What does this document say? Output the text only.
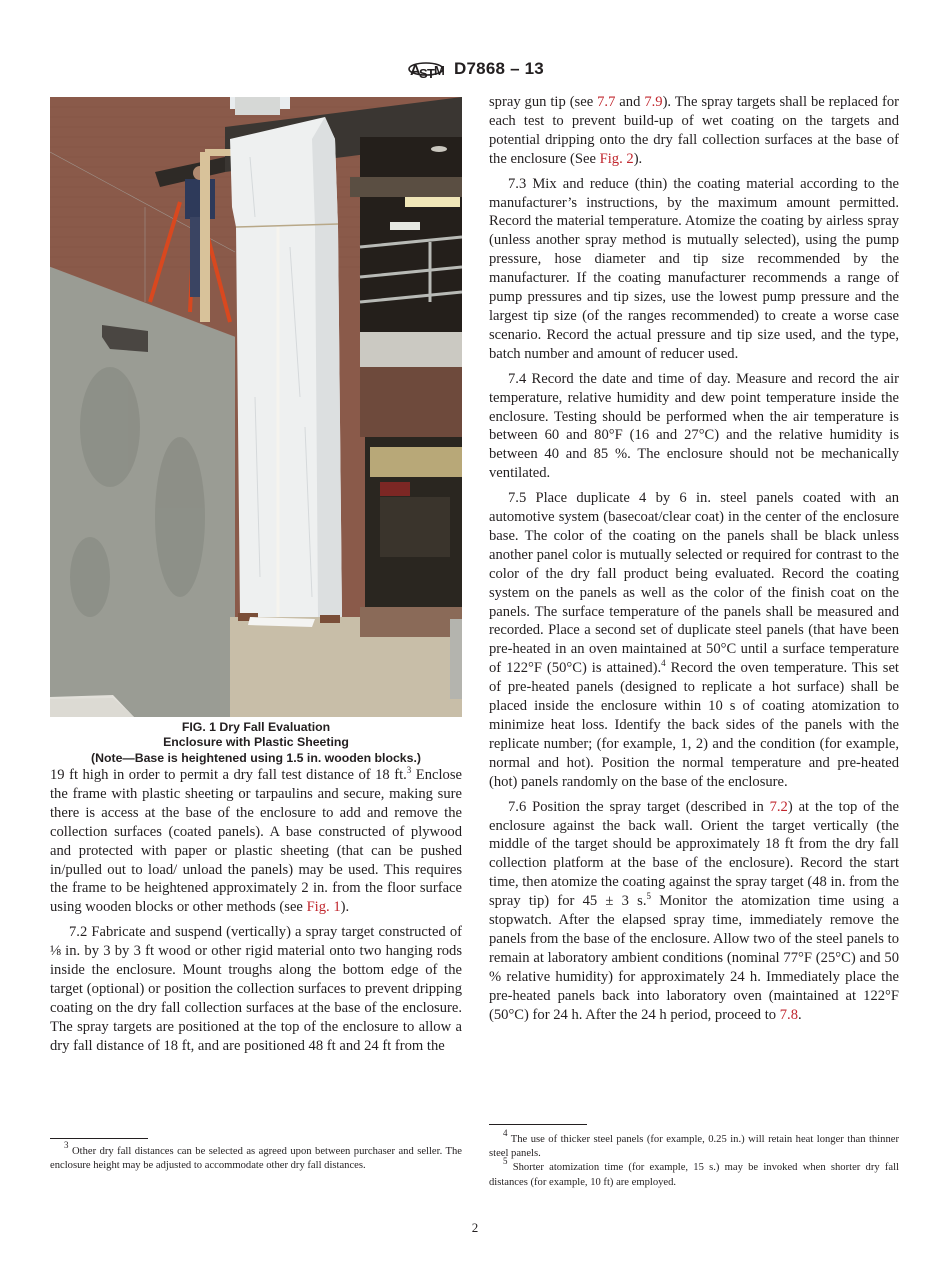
A
S T M D7868 – 13
FIG. 1 Dry Fall Evaluation
Enclosure with Plastic Sheeting
(Note—Base is heightened using 1.5 in. wooden blocks.)

19 ft high in order to permit a dry fall test distance of 18 ft.$^3$ Enclose the frame with plastic sheeting or tarpaulins and secure, making sure there is access at the base of the enclosure to add and remove the collection surfaces (coated panels). A base constructed of plywood and protected with paper or plastic sheeting (that can be pushed in/pulled out to load/ unload the panels) may be used. This requires the frame to be heightened approximately 2 in. from the floor surface using wooden blocks or other methods (see Fig. 1).

7.2 Fabricate and suspend (vertically) a spray target constructed of ⅛ in. by 3 by 3 ft wood or other rigid material onto two hanging rods inside the enclosure. Mount troughs along the bottom edge of the target (optional) or position the collection surfaces to prevent dripping coating on the dry fall collection surfaces at the base of the enclosure. The spray targets are positioned at the top of the enclosure to allow a dry fall distance of 18 ft, and are positioned 48 ft and 24 ft from the

$^3$ Other dry fall distances can be selected as agreed upon between purchaser and seller. The enclosure height may be adjusted to accommodate other dry fall distances.

spray gun tip (see 7.7 and 7.9). The spray targets shall be replaced for each test to prevent build-up of wet coating on the targets and potential dripping onto the dry fall collection surfaces at the base of the enclosure (See Fig. 2).

7.3 Mix and reduce (thin) the coating material according to the manufacturer’s instructions, by the maximum amount permitted. Record the material temperature. Atomize the coating by airless spray (unless another spray method is mutually selected), using the pump pressure, hose diameter and tip size recommended by the manufacturer. If the coating manufacturer recommends a range of pump pressures and tip sizes, use the lowest pump pressure and the largest tip size (of the ranges recommended) to create a worse case scenario. Record the actual pressure and tip size used, and the type, batch number and amount of reducer used.

7.4 Record the date and time of day. Measure and record the air temperature, relative humidity and dew point temperature inside the enclosure. Testing should be performed when the air temperature is between 60 and 80°F (16 and 27°C) and the relative humidity is between 40 and 85 %. The enclosure should not be mechanically ventilated.

7.5 Place duplicate 4 by 6 in. steel panels coated with an automotive system (basecoat/clear coat) in the center of the enclosure base. The color of the coating on the panels shall be black unless another panel color is mutually selected or required for contrast to the color of the dry fall product being evaluated. Record the coating system on the panels as well as the color of the finish coat on the panels. The surface temperature of the panels shall be measured and recorded. Place a second set of duplicate steel panels (that have been pre-heated in an oven maintained at 50°C until a surface temperature of 122°F (50°C) is attained).$^4$ Record the oven temperature. This set of pre-heated panels (designed to replicate a hot surface) shall be placed inside the enclosure within 10 s of coating atomization to minimize heat loss. Identify the back sides of the panels with the replicate number; (for example, 1, 2) and the condition (for example, normal and hot). Position the normal temperature and pre-heated (hot) panels randomly on the base of the enclosure.

7.6 Position the spray target (described in 7.2) at the top of the enclosure against the back wall. Orient the target vertically (the middle of the target should be approximately 18 ft from the dry fall collection platform at the base of the enclosure). Record the start time, then atomize the coating against the spray target (48 in. from the spray tip) for 45 ± 3 s.$^5$ Monitor the atomization time using a stopwatch. After the elapsed spray time, immediately remove the panels from the base of the enclosure. Allow two of the steel panels to remain at laboratory ambient conditions (nominal 77°F (25°C) and 50 % relative humidity) for approximately 24 h. Immediately place the pre-heated panels back into laboratory oven (maintained at 122°F (50°C) for 24 h. After the 24 h period, proceed to 7.8.

$^4$ The use of thicker steel panels (for example, 0.25 in.) will retain heat longer than thinner steel panels.

$^5$ Shorter atomization time (for example, 15 s.) may be invoked when shorter dry fall distances (for example, 10 ft) are employed.

2
